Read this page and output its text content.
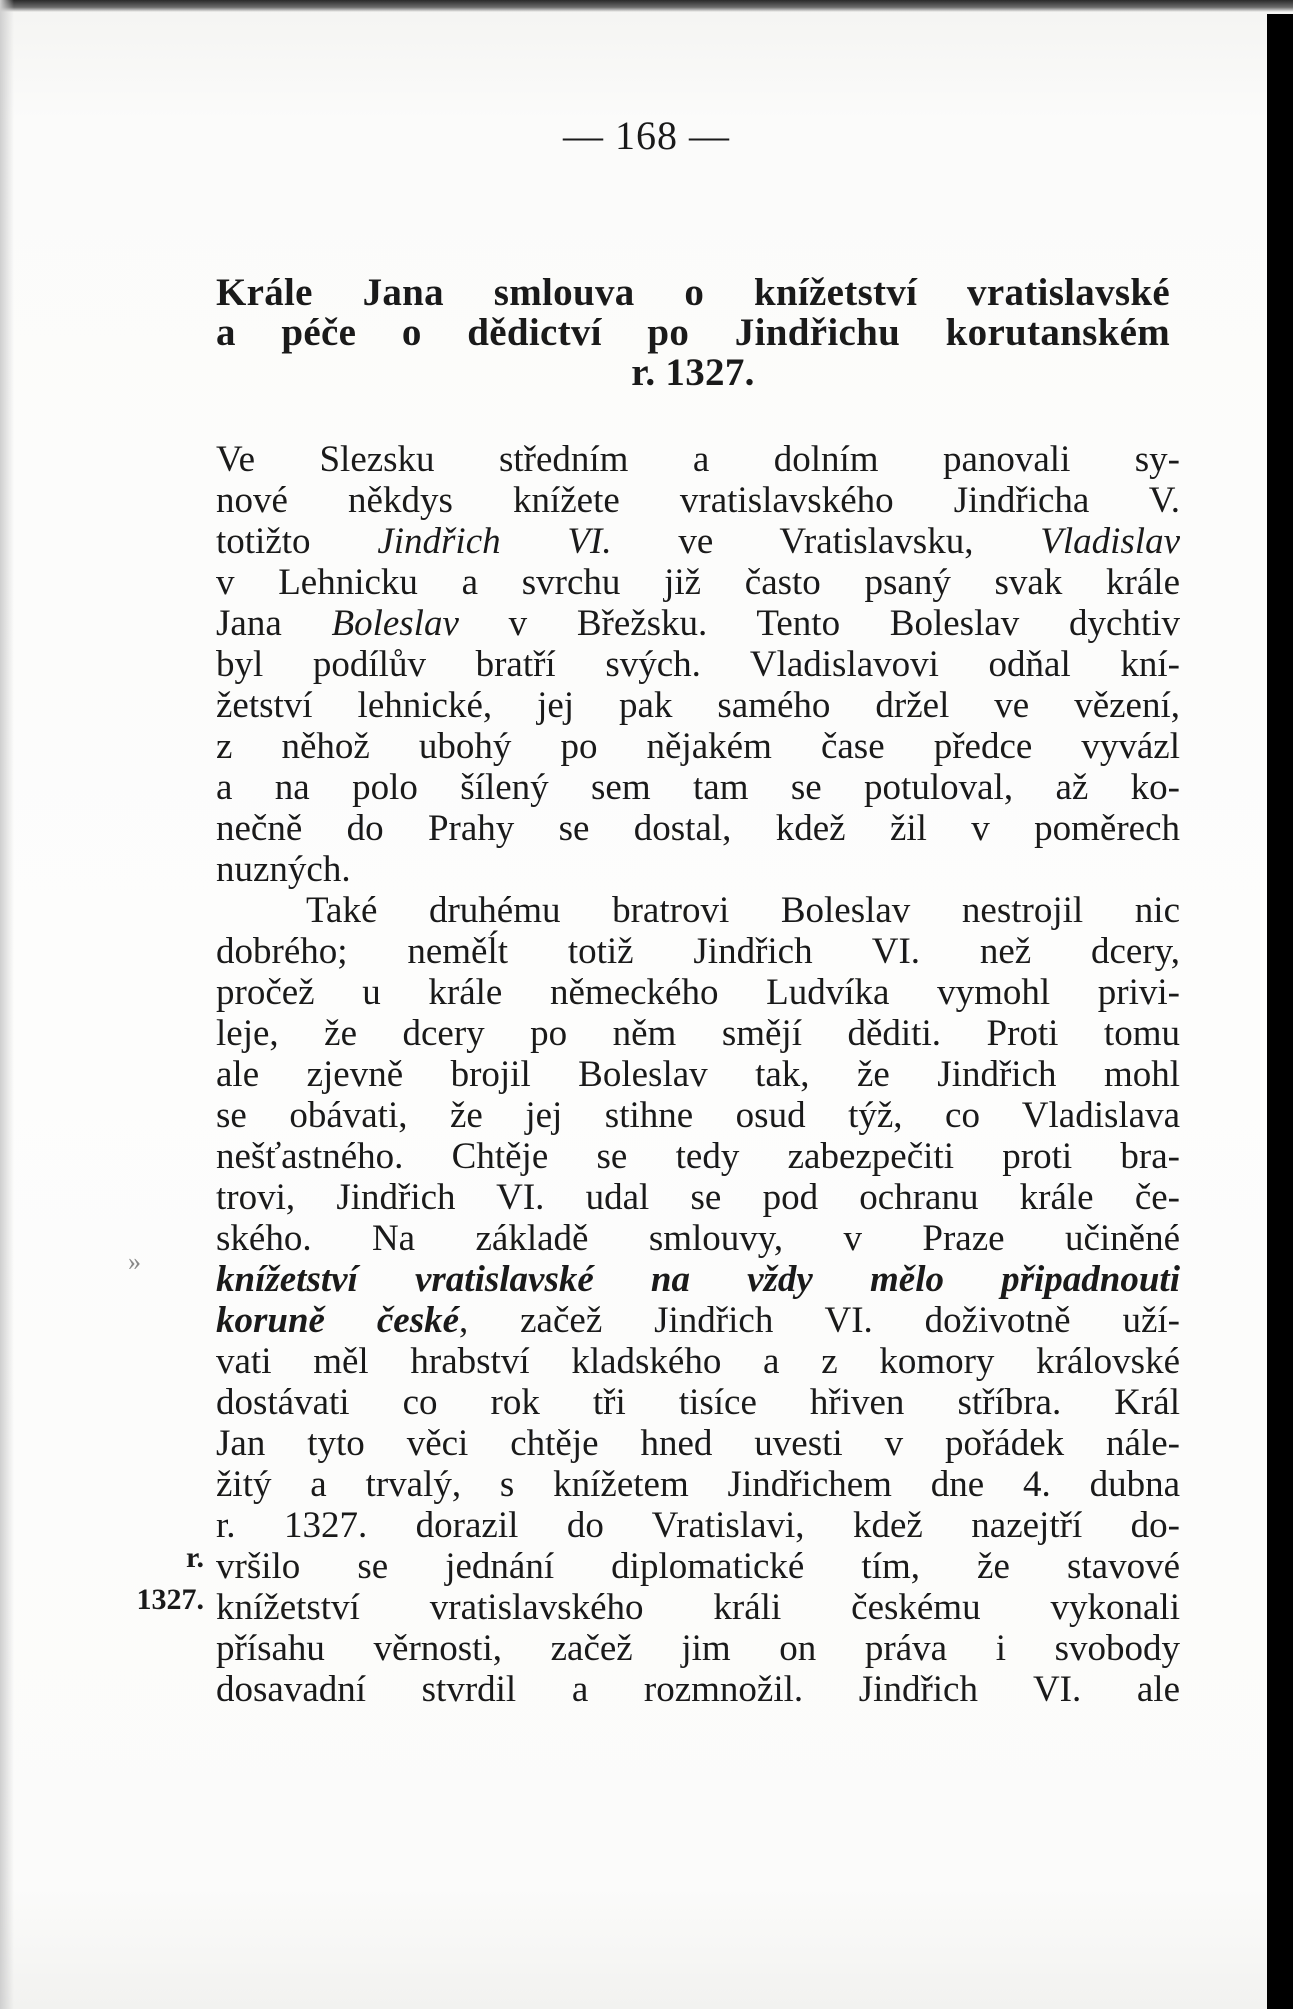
— 168 —
Krále Jana smlouva o knížetství vratislavské
a péče o dědictví po Jindřichu korutanském
r. 1327.
Ve Slezsku středním a dolním panovali sy-
nové někdys knížete vratislavského Jindřicha V.
totižto Jindřich VI. ve Vratislavsku, Vladislav
v Lehnicku a svrchu již často psaný svak krále
Jana Boleslav v Břežsku. Tento Boleslav dychtiv
byl podílův bratří svých. Vladislavovi odňal kní-
žetství lehnické, jej pak samého držel ve vězení,
z něhož ubohý po nějakém čase předce vyvázl
a na polo šílený sem tam se potuloval, až ko-
nečně do Prahy se dostal, kdež žil v poměrech
nuzných.
Také druhému bratrovi Boleslav nestrojil nic
dobrého; neměĺt totiž Jindřich VI. než dcery,
pročež u krále německého Ludvíka vymohl privi-
leje, že dcery po něm smějí děditi. Proti tomu
ale zjevně brojil Boleslav tak, že Jindřich mohl
se obávati, že jej stihne osud týž, co Vladislava
nešťastného. Chtěje se tedy zabezpečiti proti bra-
trovi, Jindřich VI. udal se pod ochranu krále če-
ského. Na základě smlouvy, v Praze učiněné
knížetství vratislavské na vždy mělo připadnouti
koruně české, začež Jindřich VI. doživotně uží-
vati měl hrabství kladského a z komory královské
dostávati co rok tři tisíce hřiven stříbra. Král
Jan tyto věci chtěje hned uvesti v pořádek nále-
žitý a trvalý, s knížetem Jindřichem dne 4. dubna
r. 1327. dorazil do Vratislavi, kdež nazejtří do-
vršilo se jednání diplomatické tím, že stavové
knížetství vratislavského králi českému vykonali
přísahu věrnosti, začež jim on práva i svobody
dosavadní stvrdil a rozmnožil. Jindřich VI. ale
r.
1327.
»
